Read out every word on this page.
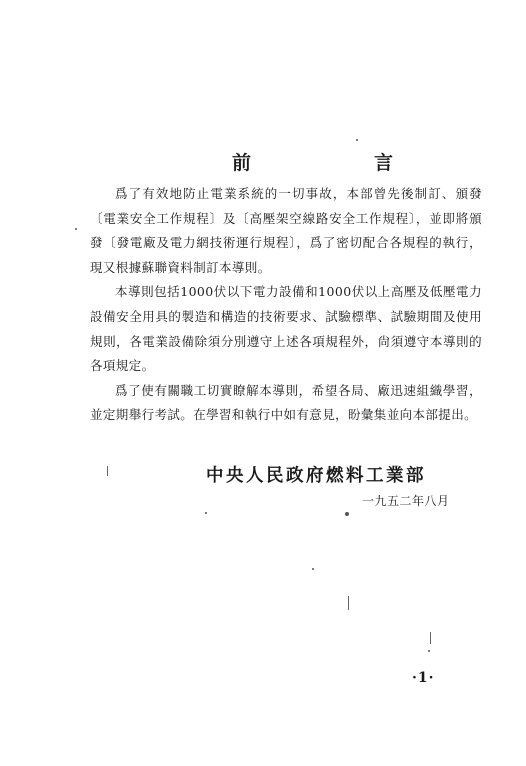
前　言

爲了有效地防止電業系統的一切事故，本部曾先後制訂、頒發〔電業安全工作規程〕及〔高壓架空線路安全工作規程〕，並即將頒發〔發電廠及電力網技術運行規程〕，爲了密切配合各規程的執行，現又根據蘇聯資料制訂本導則。

本導則包括1000伏以下電力設備和1000伏以上高壓及低壓電力設備安全用具的製造和構造的技術要求、試驗標準、試驗期間及使用規則，各電業設備除須分別遵守上述各項規程外，尙須遵守本導則的各項規定。

爲了使有關職工切實瞭解本導則，希望各局、廠迅速組織學習，並定期舉行考試。在學習和執行中如有意見，盼彙集並向本部提出。

中央人民政府燃料工業部
一九五二年八月
·1·
